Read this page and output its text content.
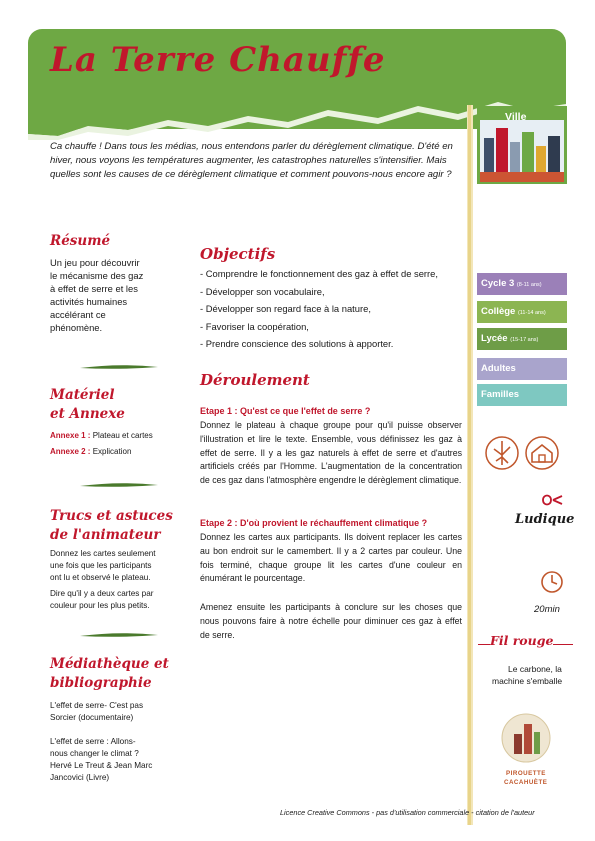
La Terre Chauffe
Ca chauffe ! Dans tous les médias, nous entendons parler du dérèglement climatique. D'été en hiver, nous voyons les températures augmenter, les catastrophes naturelles s'intensifier. Mais quelles sont les causes de ce dérèglement climatique et comment pouvons-nous encore agir ?
Ville
Cycle 3 (8-11 ans)
Collège (11-14 ans)
Lycée (15-17 ans)
Adultes
Familles
Ludique
20min
Fil rouge
Le carbone, la
machine s'emballe
PIROUETTE
CACAHUÈTE
Résumé
Un jeu pour découvrir
le mécanisme des gaz
à effet de serre et les
activités humaines
accélérant ce
phénomène.
Matériel
et Annexe
Annexe 1 : Plateau et cartes
Annexe 2 : Explication
Trucs et astuces
de l'animateur
Donnez les cartes seulement
une fois que les participants
ont lu et observé le plateau.
Dire qu'il y a deux cartes par
couleur pour les plus petits.
Médiathèque et
bibliographie
L'effet de serre- C'est pas
Sorcier (documentaire)
L'effet de serre : Allons-
nous changer le climat ?
Hervé Le Treut & Jean Marc
Jancovici (Livre)
Objectifs
- Comprendre le fonctionnement des gaz à effet de serre,
- Développer son vocabulaire,
- Développer son regard face à la nature,
- Favoriser la coopération,
- Prendre conscience des solutions à apporter.
Déroulement
Etape 1 : Qu'est ce que l'effet de serre ?
Donnez le plateau à chaque groupe pour qu'il puisse observer l'illustration et lire le texte. Ensemble, vous définissez les gaz à effet de serre. Il y a les gaz naturels à effet de serre et d'autres artificiels créés par l'Homme. L'augmentation de la concentration de ces gaz dans l'atmosphère engendre le dérèglement climatique.
Etape 2 : D'où provient le réchauffement climatique ?
Donnez les cartes aux participants. Ils doivent replacer les cartes au bon endroit sur le camembert. Il y a 2 cartes par couleur. Une fois terminé, chaque groupe lit les cartes d'une couleur en énumérant le pourcentage.
Amenez ensuite les participants à conclure sur les choses que nous pouvons faire à notre échelle pour diminuer ces gaz à effet de serre.
Licence Creative Commons - pas d'utilisation commerciale - citation de l'auteur
